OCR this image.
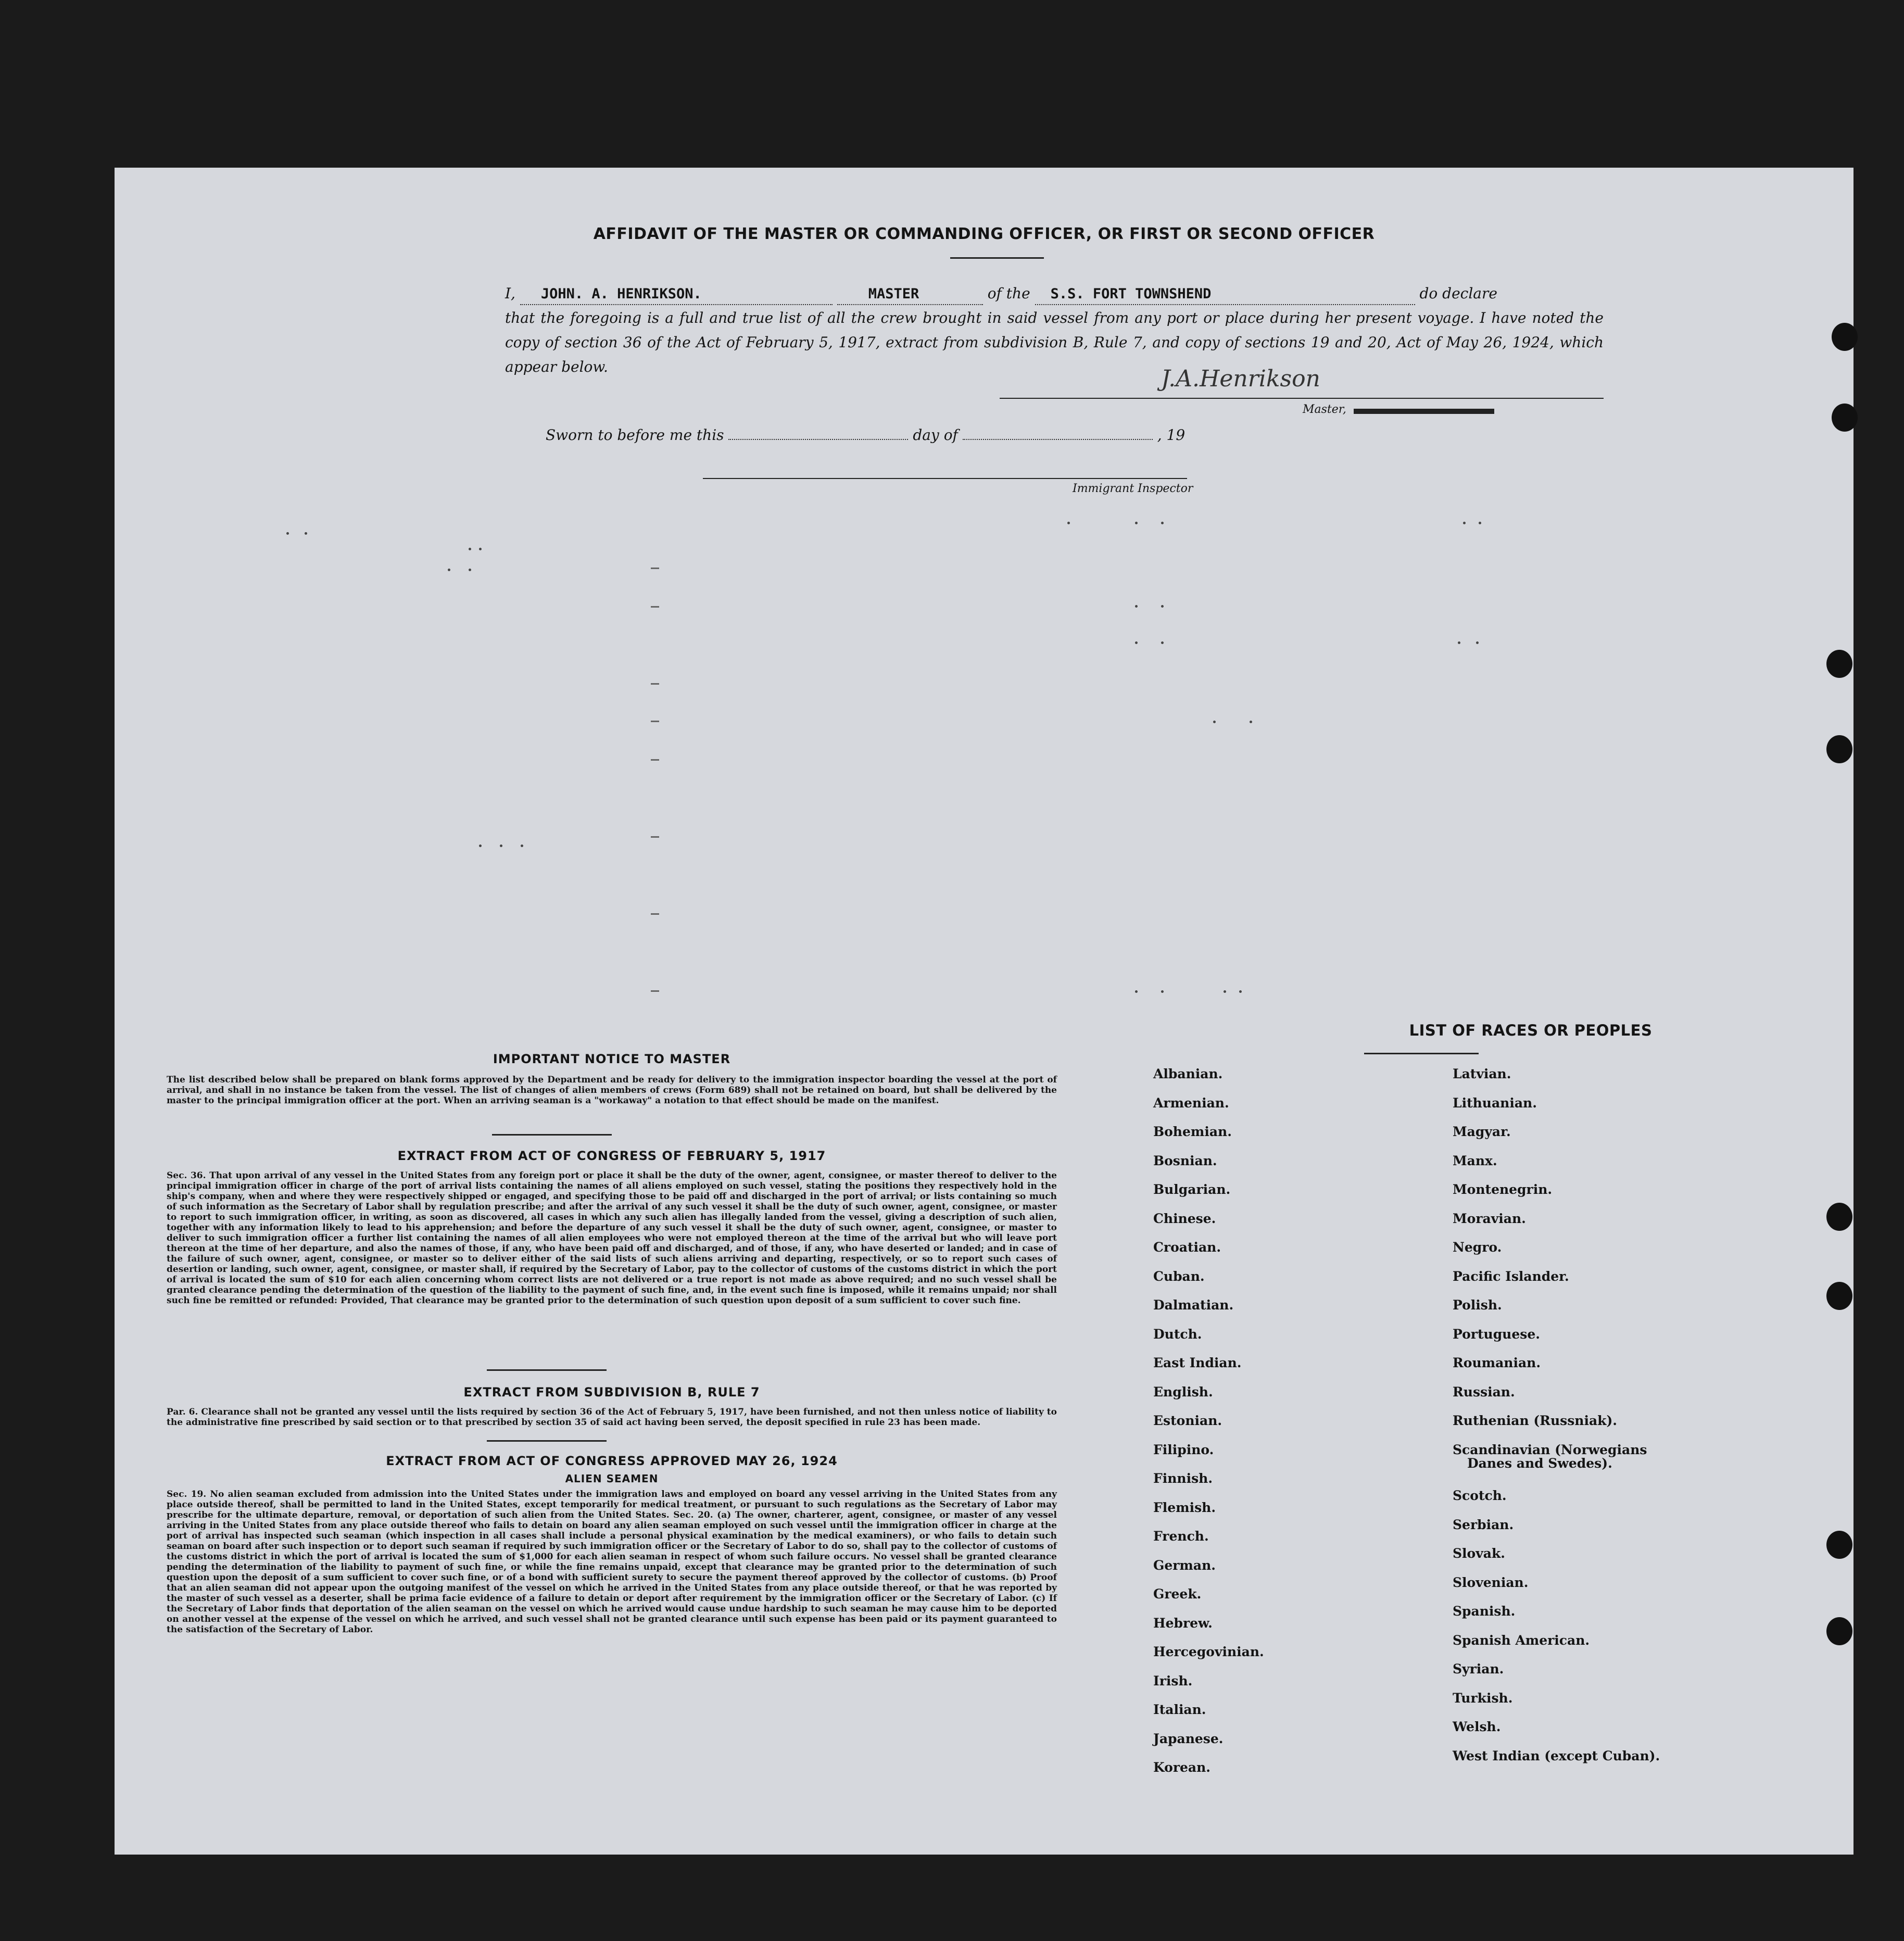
AFFIDAVIT OF THE MASTER OR COMMANDING OFFICER, OR FIRST OR SECOND OFFICER
I, JOHN. A. HENRIKSON.	MASTER	of the S.S. FORT TOWNSHEND	do declare
that the foregoing is a full and true list of all the crew brought in said vessel from any port or place during her present voyage. I have noted the
copy of section 36 of the Act of February 5, 1917, extract from subdivision B, Rule 7, and copy of sections 19 and 20, Act of May 26, 1924, which
appear below.	J.A.Henrikson
Master,
Sworn to before me this	day of	, 19
Immigrant Inspector
IMPORTANT NOTICE TO MASTER
The list described below shall be prepared on blank forms approved by the Department and be ready for delivery to the immigration inspector boarding the vessel at the port of arrival, and shall in no instance be taken from the vessel. The list of changes of alien members of crews (Form 689) shall not be retained on board, but shall be delivered by the master to the principal immigration officer at the port. When an arriving seaman is a "workaway" a notation to that effect should be made on the manifest.
EXTRACT FROM ACT OF CONGRESS OF FEBRUARY 5, 1917
Sec. 36. That upon arrival of any vessel in the United States from any foreign port or place it shall be the duty of the owner, agent, consignee, or master thereof to deliver to the principal immigration officer in charge of the port of arrival lists containing the names of all aliens employed on such vessel, stating the positions they respectively hold in the ship's company, when and where they were respectively shipped or engaged, and specifying those to be paid off and discharged in the port of arrival; or lists containing so much of such information as the Secretary of Labor shall by regulation prescribe; and after the arrival of any such vessel it shall be the duty of such owner, agent, consignee, or master to report to such immigration officer, in writing, as soon as discovered, all cases in which any such alien has illegally landed from the vessel, giving a description of such alien, together with any information likely to lead to his apprehension; and before the departure of any such vessel it shall be the duty of such owner, agent, consignee, or master to deliver to such immigration officer a further list containing the names of all alien employees who were not employed thereon at the time of the arrival but who will leave port thereon at the time of her departure, and also the names of those, if any, who have been paid off and discharged, and of those, if any, who have deserted or landed; and in case of the failure of such owner, agent, consignee, or master so to deliver either of the said lists of such aliens arriving and departing, respectively, or so to report such cases of desertion or landing, such owner, agent, consignee, or master shall, if required by the Secretary of Labor, pay to the collector of customs of the customs district in which the port of arrival is located the sum of $10 for each alien concerning whom correct lists are not delivered or a true report is not made as above required; and no such vessel shall be granted clearance pending the determination of the question of the liability to the payment of such fine, and, in the event such fine is imposed, while it remains unpaid; nor shall such fine be remitted or refunded: Provided, That clearance may be granted prior to the determination of such question upon deposit of a sum sufficient to cover such fine.
EXTRACT FROM SUBDIVISION B, RULE 7
Par. 6. Clearance shall not be granted any vessel until the lists required by section 36 of the Act of February 5, 1917, have been furnished, and not then unless notice of liability to the administrative fine prescribed by said section or to that prescribed by section 35 of said act having been served, the deposit specified in rule 23 has been made.
EXTRACT FROM ACT OF CONGRESS APPROVED MAY 26, 1924
ALIEN SEAMEN
Sec. 19. No alien seaman excluded from admission into the United States under the immigration laws and employed on board any vessel arriving in the United States from any place outside thereof, shall be permitted to land in the United States, except temporarily for medical treatment, or pursuant to such regulations as the Secretary of Labor may prescribe for the ultimate departure, removal, or deportation of such alien from the United States. Sec. 20. (a) The owner, charterer, agent, consignee, or master of any vessel arriving in the United States from any place outside thereof who fails to detain on board any alien seaman employed on such vessel until the immigration officer in charge at the port of arrival has inspected such seaman (which inspection in all cases shall include a personal physical examination by the medical examiners), or who fails to detain such seaman on board after such inspection or to deport such seaman if required by such immigration officer or the Secretary of Labor to do so, shall pay to the collector of customs of the customs district in which the port of arrival is located the sum of $1,000 for each alien seaman in respect of whom such failure occurs. No vessel shall be granted clearance pending the determination of the liability to payment of such fine, or while the fine remains unpaid, except that clearance may be granted prior to the determination of such question upon the deposit of a sum sufficient to cover such fine, or of a bond with sufficient surety to secure the payment thereof approved by the collector of customs. (b) Proof that an alien seaman did not appear upon the outgoing manifest of the vessel on which he arrived in the United States from any place outside thereof, or that he was reported by the master of such vessel as a deserter, shall be prima facie evidence of a failure to detain or deport after requirement by the immigration officer or the Secretary of Labor. (c) If the Secretary of Labor finds that deportation of the alien seaman on the vessel on which he arrived would cause undue hardship to such seaman he may cause him to be deported on another vessel at the expense of the vessel on which he arrived, and such vessel shall not be granted clearance until such expense has been paid or its payment guaranteed to the satisfaction of the Secretary of Labor.
LIST OF RACES OR PEOPLES
Albanian.
Armenian.
Bohemian.
Bosnian.
Bulgarian.
Chinese.
Croatian.
Cuban.
Dalmatian.
Dutch.
East Indian.
English.
Estonian.
Filipino.
Finnish.
Flemish.
French.
German.
Greek.
Hebrew.
Hercegovinian.
Irish.
Italian.
Japanese.
Korean.
Latvian.
Lithuanian.
Magyar.
Manx.
Montenegrin.
Moravian.
Negro.
Pacific Islander.
Polish.
Portuguese.
Roumanian.
Russian.
Ruthenian (Russniak).
Scandinavian (Norwegians
Danes and Swedes).
Scotch.
Serbian.
Slovak.
Slovenian.
Spanish.
Spanish American.
Syrian.
Turkish.
Welsh.
West Indian (except Cuban).
